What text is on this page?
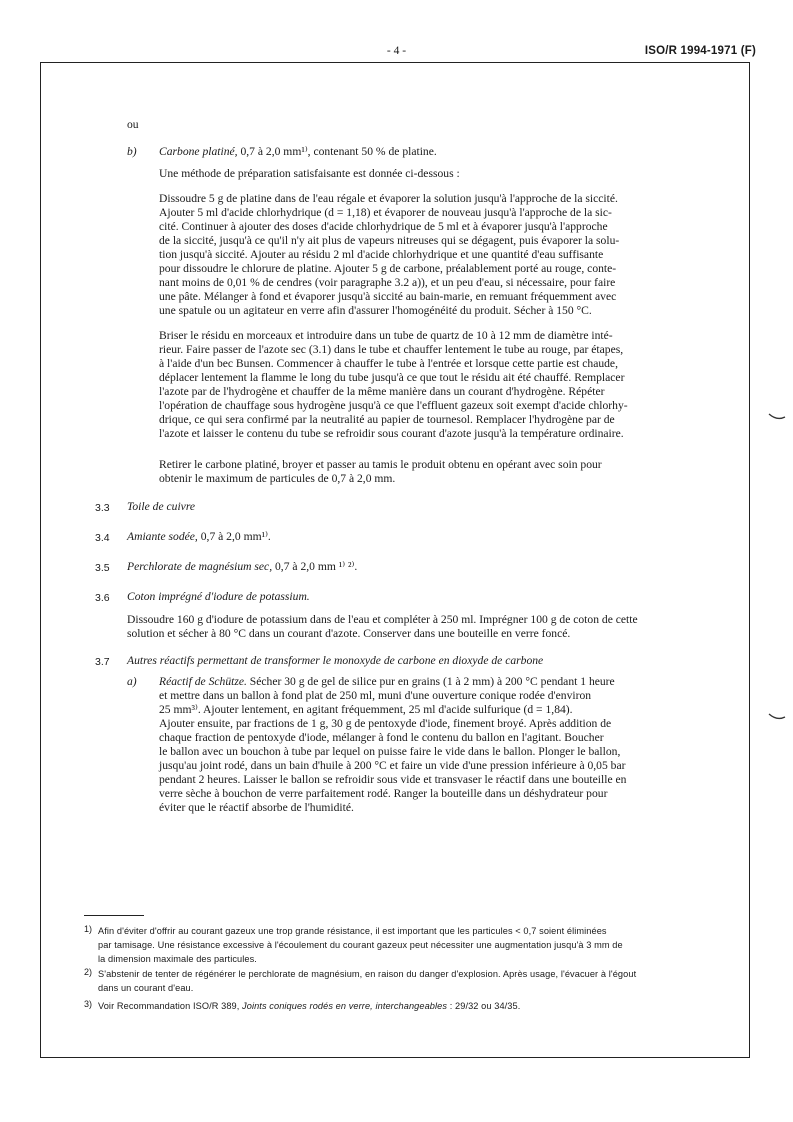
- 4 -	ISO/R 1994-1971 (F)
ou
b) Carbone platiné, 0,7 à 2,0 mm¹⁾, contenant 50 % de platine.
Une méthode de préparation satisfaisante est donnée ci-dessous :
Dissoudre 5 g de platine dans de l'eau régale et évaporer la solution jusqu'à l'approche de la siccité.
Ajouter 5 ml d'acide chlorhydrique (d = 1,18) et évaporer de nouveau jusqu'à l'approche de la sic-
cité. Continuer à ajouter des doses d'acide chlorhydrique de 5 ml et à évaporer jusqu'à l'approche
de la siccité, jusqu'à ce qu'il n'y ait plus de vapeurs nitreuses qui se dégagent, puis évaporer la solu-
tion jusqu'à siccité. Ajouter au résidu 2 ml d'acide chlorhydrique et une quantité d'eau suffisante
pour dissoudre le chlorure de platine. Ajouter 5 g de carbone, préalablement porté au rouge, conte-
nant moins de 0,01 % de cendres (voir paragraphe 3.2 a)), et un peu d'eau, si nécessaire, pour faire
une pâte. Mélanger à fond et évaporer jusqu'à siccité au bain-marie, en remuant fréquemment avec
une spatule ou un agitateur en verre afin d'assurer l'homogénéité du produit. Sécher à 150 °C.
Briser le résidu en morceaux et introduire dans un tube de quartz de 10 à 12 mm de diamètre inté-
rieur. Faire passer de l'azote sec (3.1) dans le tube et chauffer lentement le tube au rouge, par étapes,
à l'aide d'un bec Bunsen. Commencer à chauffer le tube à l'entrée et lorsque cette partie est chaude,
déplacer lentement la flamme le long du tube jusqu'à ce que tout le résidu ait été chauffé. Remplacer
l'azote par de l'hydrogène et chauffer de la même manière dans un courant d'hydrogène. Répéter
l'opération de chauffage sous hydrogène jusqu'à ce que l'effluent gazeux soit exempt d'acide chlorhy-
drique, ce qui sera confirmé par la neutralité au papier de tournesol. Remplacer l'hydrogène par de
l'azote et laisser le contenu du tube se refroidir sous courant d'azote jusqu'à la température ordinaire.
Retirer le carbone platiné, broyer et passer au tamis le produit obtenu en opérant avec soin pour
obtenir le maximum de particules de 0,7 à 2,0 mm.
3.3 Toile de cuivre
3.4 Amiante sodée, 0,7 à 2,0 mm¹⁾.
3.5 Perchlorate de magnésium sec, 0,7 à 2,0 mm ¹⁾ ²⁾.
3.6 Coton imprégné d'iodure de potassium.
Dissoudre 160 g d'iodure de potassium dans de l'eau et compléter à 250 ml. Imprégner 100 g de coton de cette
solution et sécher à 80 °C dans un courant d'azote. Conserver dans une bouteille en verre foncé.
3.7 Autres réactifs permettant de transformer le monoxyde de carbone en dioxyde de carbone
a) Réactif de Schütze. Sécher 30 g de gel de silice pur en grains (1 à 2 mm) à 200 °C pendant 1 heure
et mettre dans un ballon à fond plat de 250 ml, muni d'une ouverture conique rodée d'environ
25 mm³⁾. Ajouter lentement, en agitant fréquemment, 25 ml d'acide sulfurique (d = 1,84).
Ajouter ensuite, par fractions de 1 g, 30 g de pentoxyde d'iode, finement broyé. Après addition de
chaque fraction de pentoxyde d'iode, mélanger à fond le contenu du ballon en l'agitant. Boucher
le ballon avec un bouchon à tube par lequel on puisse faire le vide dans le ballon. Plonger le ballon,
jusqu'au joint rodé, dans un bain d'huile à 200 °C et faire un vide d'une pression inférieure à 0,05 bar
pendant 2 heures. Laisser le ballon se refroidir sous vide et transvaser le réactif dans une bouteille en
verre sèche à bouchon de verre parfaitement rodé. Ranger la bouteille dans un déshydrateur pour
éviter que le réactif absorbe de l'humidité.
1) Afin d'éviter d'offrir au courant gazeux une trop grande résistance, il est important que les particules < 0,7 soient éliminées
par tamisage. Une résistance excessive à l'écoulement du courant gazeux peut nécessiter une augmentation jusqu'à 3 mm de
la dimension maximale des particules.
2) S'abstenir de tenter de régénérer le perchlorate de magnésium, en raison du danger d'explosion. Après usage, l'évacuer à l'égout
dans un courant d'eau.
3) Voir Recommandation ISO/R 389, Joints coniques rodés en verre, interchangeables : 29/32 ou 34/35.
